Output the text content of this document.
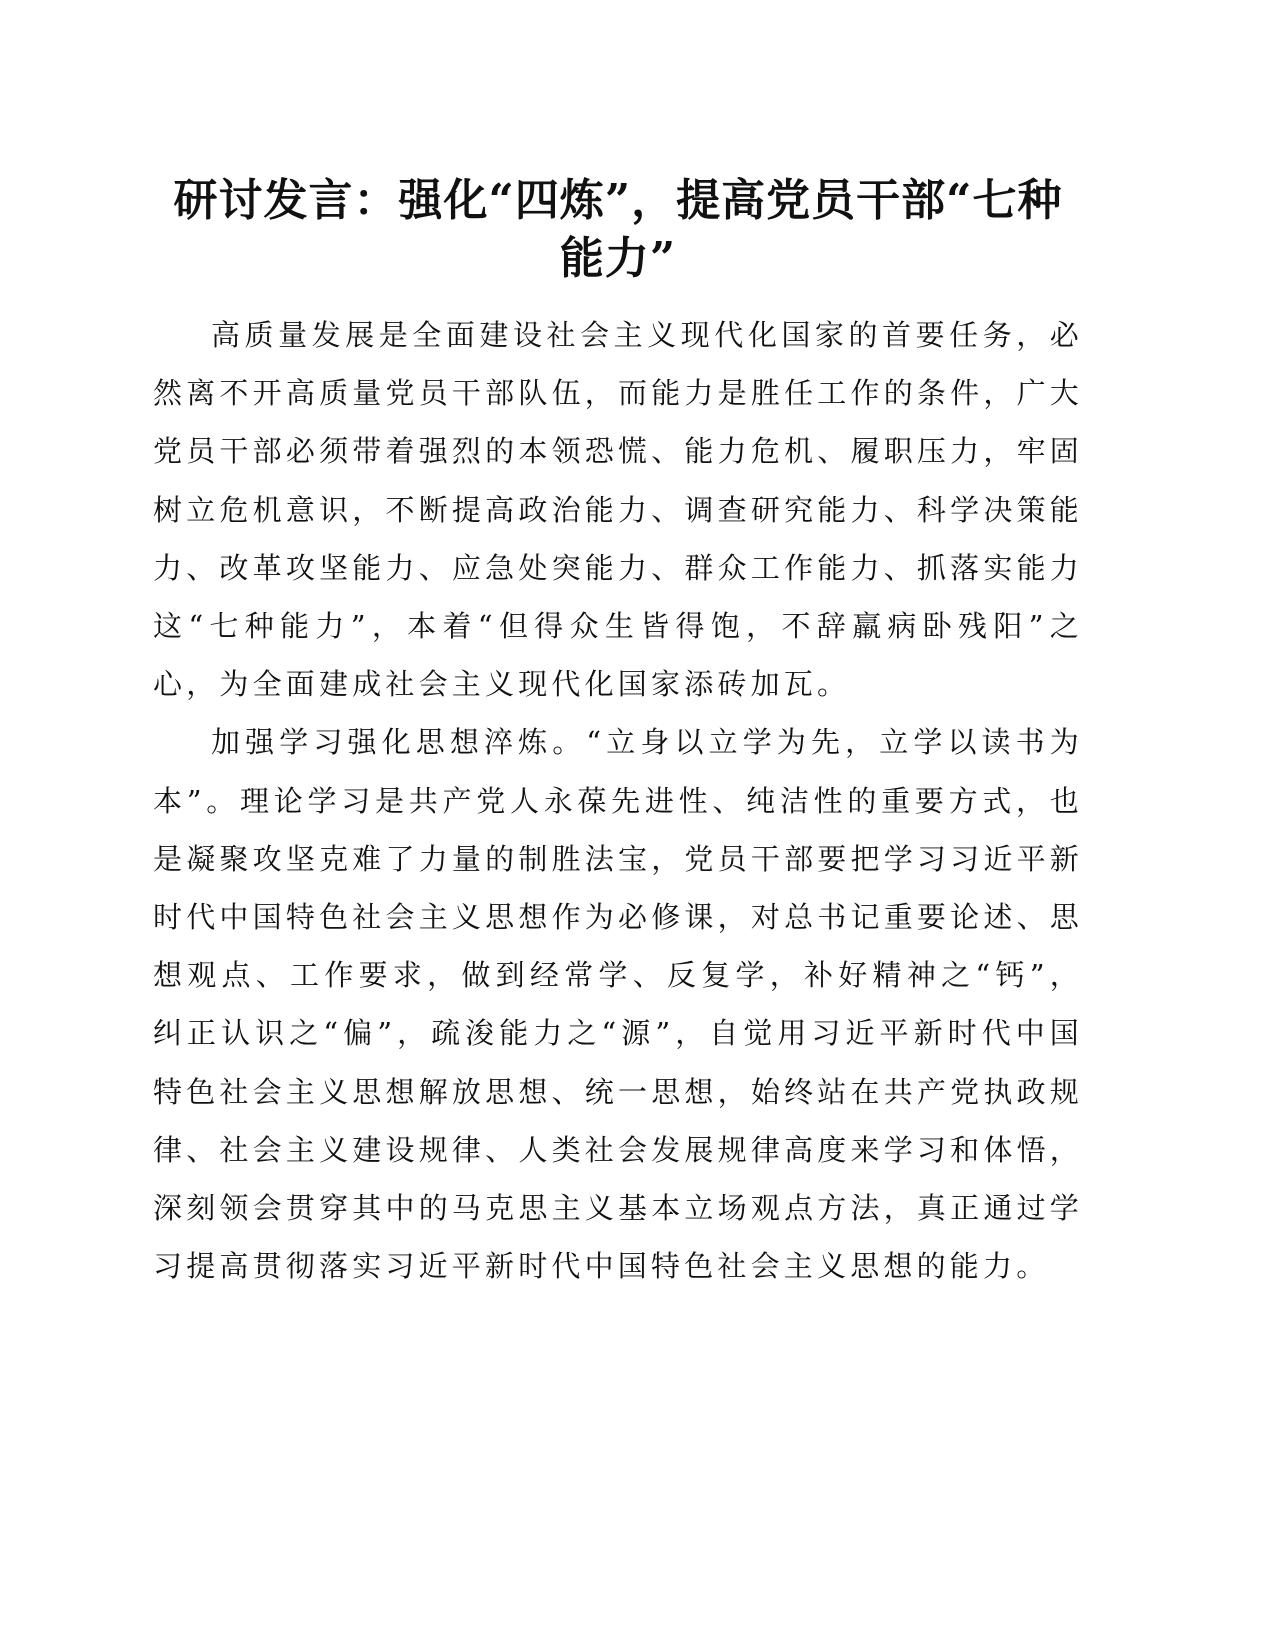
研讨发言：强化“四炼”，提高党员干部“七种能力”

高质量发展是全面建设社会主义现代化国家的首要任务，必然离不开高质量党员干部队伍，而能力是胜任工作的条件，广大党员干部必须带着强烈的本领恐慌、能力危机、履职压力，牢固树立危机意识，不断提高政治能力、调查研究能力、科学决策能力、改革攻坚能力、应急处突能力、群众工作能力、抓落实能力这“七种能力”，本着“但得众生皆得饱，不辞羸病卧残阳”之心，为全面建成社会主义现代化国家添砖加瓦。

加强学习强化思想淬炼。“立身以立学为先，立学以读书为本”。理论学习是共产党人永葆先进性、纯洁性的重要方式，也是凝聚攻坚克难了力量的制胜法宝，党员干部要把学习习近平新时代中国特色社会主义思想作为必修课，对总书记重要论述、思想观点、工作要求，做到经常学、反复学，补好精神之“钙”，纠正认识之“偏”，疏浚能力之“源”，自觉用习近平新时代中国特色社会主义思想解放思想、统一思想，始终站在共产党执政规律、社会主义建设规律、人类社会发展规律高度来学习和体悟，深刻领会贯穿其中的马克思主义基本立场观点方法，真正通过学习提高贯彻落实习近平新时代中国特色社会主义思想的能力。
